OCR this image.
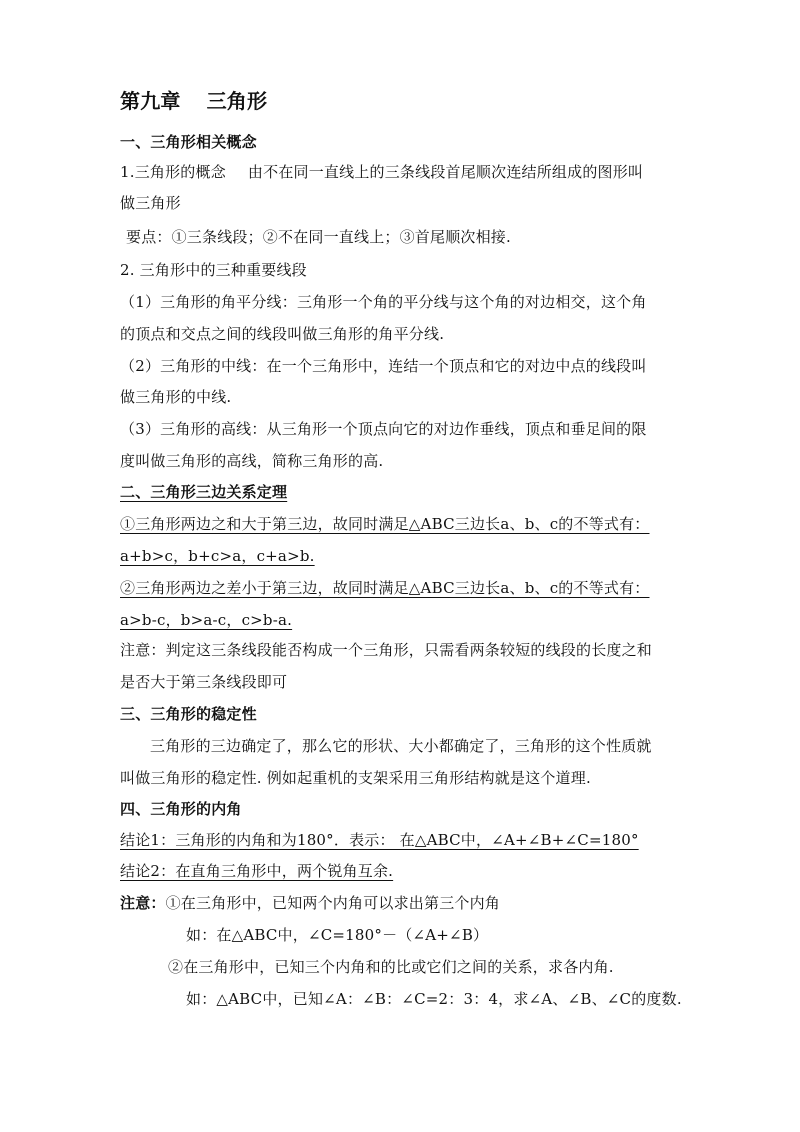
第九章 三角形
一、三角形相关概念
1.三角形的概念 由不在同一直线上的三条线段首尾顺次连结所组成的图形叫
做三角形
要点：①三条线段；②不在同一直线上；③首尾顺次相接.
2. 三角形中的三种重要线段
（1）三角形的角平分线：三角形一个角的平分线与这个角的对边相交，这个角
的顶点和交点之间的线段叫做三角形的角平分线.
（2）三角形的中线：在一个三角形中，连结一个顶点和它的对边中点的线段叫
做三角形的中线.
（3）三角形的高线：从三角形一个顶点向它的对边作垂线，顶点和垂足间的限
度叫做三角形的高线，简称三角形的高.
二、三角形三边关系定理
①三角形两边之和大于第三边，故同时满足△ABC三边长a、b、c的不等式有：
a+b>c，b+c>a，c+a>b.
②三角形两边之差小于第三边，故同时满足△ABC三边长a、b、c的不等式有：
a>b-c，b>a-c，c>b-a.
注意：判定这三条线段能否构成一个三角形，只需看两条较短的线段的长度之和
是否大于第三条线段即可
三、三角形的稳定性
三角形的三边确定了，那么它的形状、大小都确定了，三角形的这个性质就
叫做三角形的稳定性. 例如起重机的支架采用三角形结构就是这个道理.
四、三角形的内角
结论1：三角形的内角和为180°．表示： 在△ABC中，∠A+∠B+∠C=180°
结论2：在直角三角形中，两个锐角互余.
注意：①在三角形中，已知两个内角可以求出第三个内角
如：在△ABC中，∠C=180°－（∠A+∠B）
②在三角形中，已知三个内角和的比或它们之间的关系，求各内角.
如：△ABC中，已知∠A：∠B：∠C=2：3：4，求∠A、∠B、∠C的度数.
